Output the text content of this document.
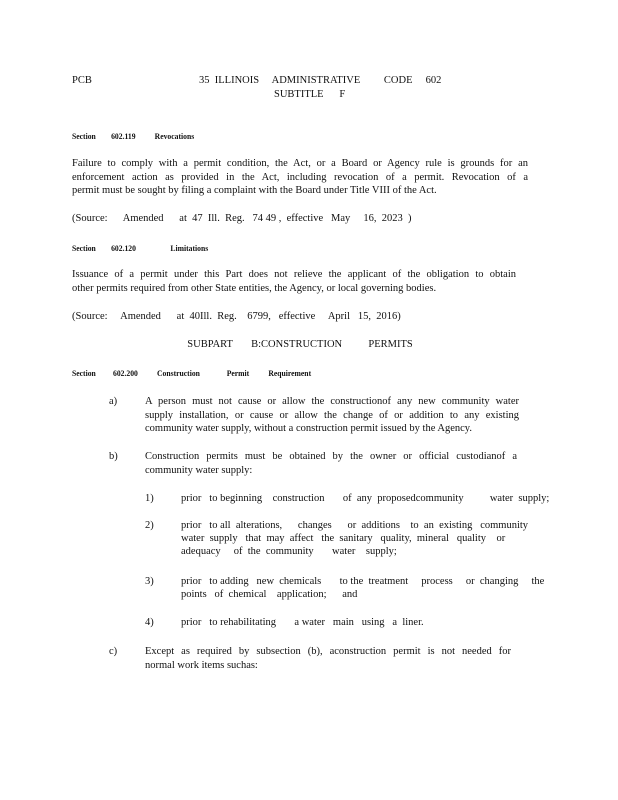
PCB	35  ILLINOIS     ADMINISTRATIVE         CODE     602
SUBTITLE      F
Section        602.119          Revocations
Failure to comply with a permit condition, the Act, or a Board or Agency rule is grounds for an
enforcement action as provided in the Act, including revocation of a permit. Revocation of a
permit must be sought by filing a complaint with the Board under Title VIII of the Act.
(Source:      Amended      at  47  Ill.  Reg.   74 49 ,  effective   May     16,  2023  )
Section        602.120                  Limitations
Issuance of a permit under this Part does not relieve the applicant of the obligation to obtain
other permits required from other State entities, the Agency, or local governing bodies.
(Source:     Amended      at  40Ill.  Reg.    6799,   effective     April   15,  2016)
SUBPART       B:CONSTRUCTION          PERMITS
Section         602.200          Construction              Permit          Requirement
a)	A person must not cause or allow the constructionof any new community water
supply installation, or cause or allow the change of or addition to any existing
community water supply, without a construction permit issued by the Agency.
b)	Construction permits must be obtained by the owner or official custodianof a
community water supply:
1)	prior   to beginning    construction       of  any  proposedcommunity          water  supply;
2)	prior   to all  alterations,      changes      or  additions    to  an  existing   community
water  supply   that  may  affect   the  sanitary   quality,  mineral   quality    or
adequacy     of  the  community       water    supply;
3)	prior   to adding   new  chemicals       to the  treatment     process     or  changing     the
points   of  chemical    application;      and
4)	prior   to rehabilitating       a water   main   using   a  liner.
c)	Except as required by subsection (b), aconstruction permit is not needed for
normal work items suchas:
